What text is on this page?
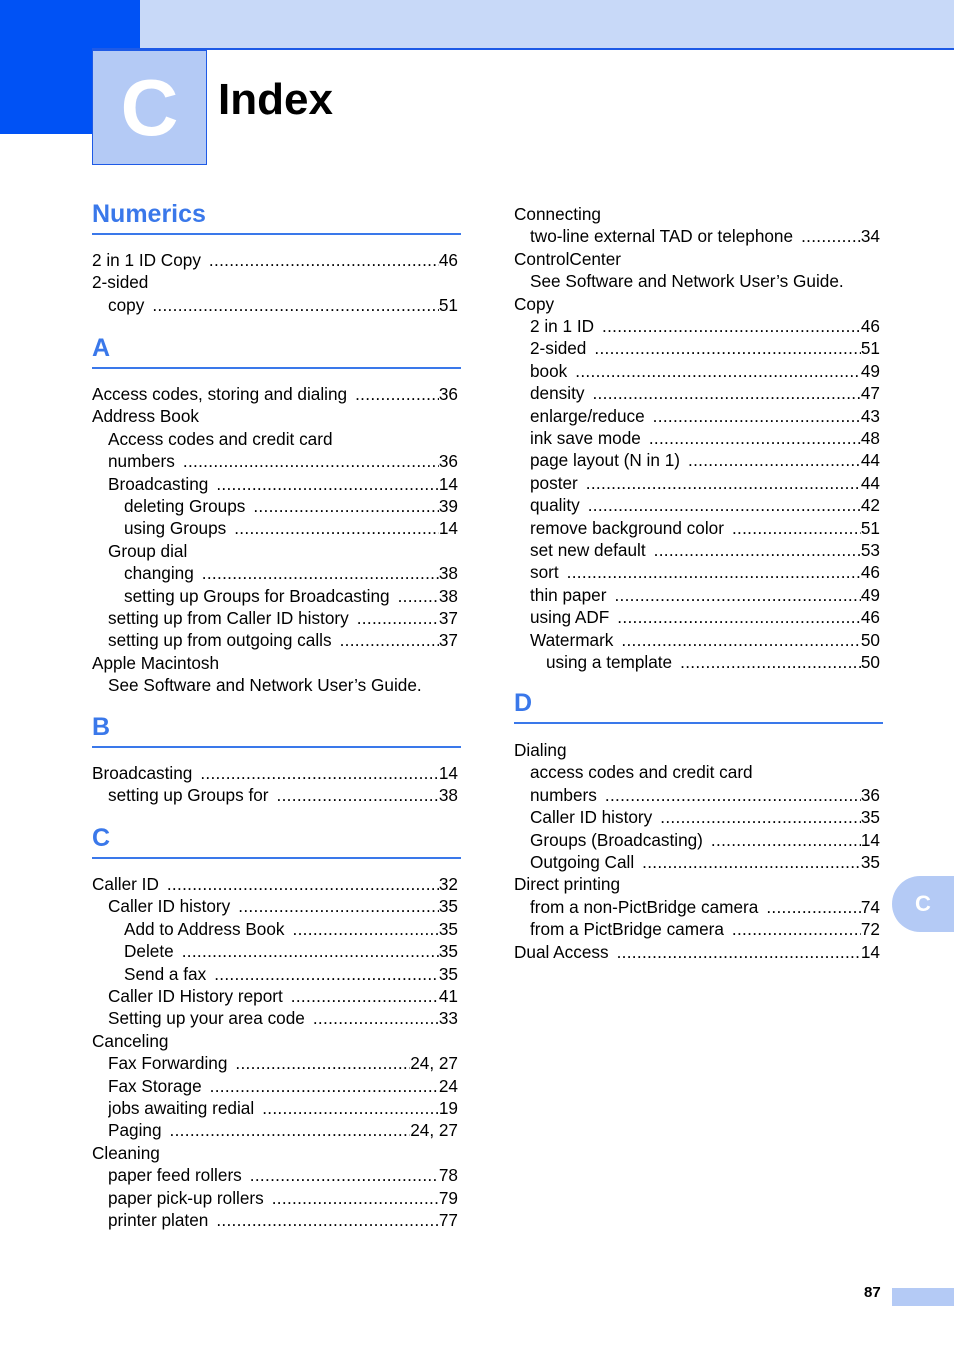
C Index
Numerics
2 in 1 ID Copy .....	46
2-sided
copy .....	51
A
Access codes, storing and dialing .....	36
Address Book
Access codes and credit card
numbers .....	36
Broadcasting .....	14
deleting Groups .....	39
using Groups .....	14
Group dial
changing .....	38
setting up Groups for Broadcasting .....	38
setting up from Caller ID history .....	37
setting up from outgoing calls .....	37
Apple Macintosh
See Software and Network User’s Guide.
B
Broadcasting .....	14
setting up Groups for .....	38
C
Caller ID .....	32
Caller ID history .....	35
Add to Address Book .....	35
Delete .....	35
Send a fax .....	35
Caller ID History report .....	41
Setting up your area code .....	33
Canceling
Fax Forwarding .....	24, 27
Fax Storage .....	24
jobs awaiting redial .....	19
Paging .....	24, 27
Cleaning
paper feed rollers .....	78
paper pick-up rollers .....	79
printer platen .....	77
Connecting
two-line external TAD or telephone .....	34
ControlCenter
See Software and Network User’s Guide.
Copy
2 in 1 ID .....	46
2-sided .....	51
book .....	49
density .....	47
enlarge/reduce .....	43
ink save mode .....	48
page layout (N in 1) .....	44
poster .....	44
quality .....	42
remove background color .....	51
set new default .....	53
sort .....	46
thin paper .....	49
using ADF .....	46
Watermark .....	50
using a template .....	50
D
Dialing
access codes and credit card
numbers .....	36
Caller ID history .....	35
Groups (Broadcasting) .....	14
Outgoing Call .....	35
Direct printing
from a non-PictBridge camera .....	74
from a PictBridge camera .....	72
Dual Access .....	14
C
87
